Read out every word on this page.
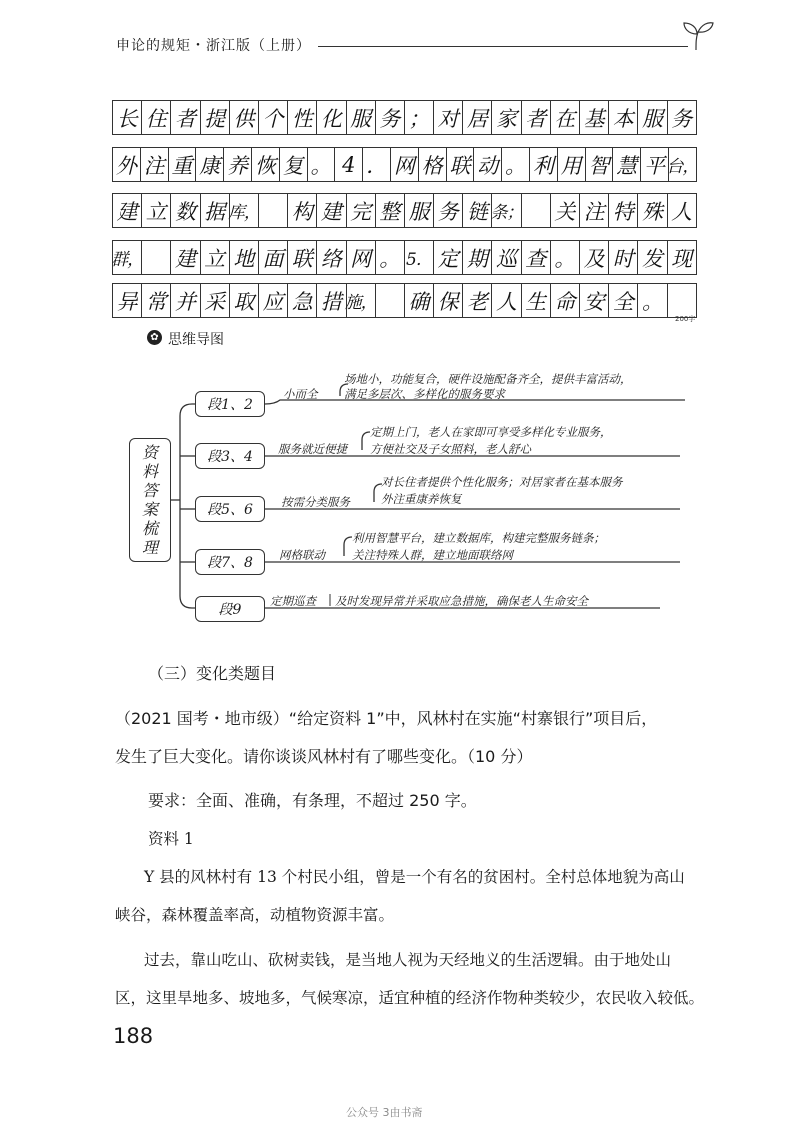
申论的规矩・浙江版（上册）
长 住 者 提 供 个 性 化 服 务 ； 对 居 家 者 在 基 本 服 务
外 注 重 康 养 恢 复 。 4 ． 网 格 联 动 。 利 用 智 慧 平 台，
建 立 数 据 库， 构 建 完 整 服 务 链 条； 关 注 特 殊 人
群， 建 立 地 面 联 络 网 。 5． 定 期 巡 查 。 及 时 发 现
异 常 并 采 取 应 急 措 施， 确 保 老 人 生 命 安 全 。
200字
✿ 思维导图
资料答案梳理
段1、2
段3、4
段5、6
段7、8
段9
小而全
场地小，功能复合，硬件设施配备齐全，提供丰富活动，
满足多层次、多样化的服务要求
服务就近便捷
定期上门，老人在家即可享受多样化专业服务，
方便社交及子女照料，老人舒心
按需分类服务
对长住者提供个性化服务；对居家者在基本服务
外注重康养恢复
网格联动
利用智慧平台，建立数据库，构建完整服务链条；
关注特殊人群，建立地面联络网
定期巡查 及时发现异常并采取应急措施，确保老人生命安全
（三）变化类题目
（2021 国考・地市级）“给定资料 1”中，风林村在实施“村寨银行”项目后，
发生了巨大变化。请你谈谈风林村有了哪些变化。（10 分）
要求：全面、准确，有条理，不超过 250 字。
资料 1
Y 县的风林村有 13 个村民小组，曾是一个有名的贫困村。全村总体地貌为高山
峡谷，森林覆盖率高，动植物资源丰富。
过去，靠山吃山、砍树卖钱，是当地人视为天经地义的生活逻辑。由于地处山
区，这里旱地多、坡地多，气候寒凉，适宜种植的经济作物种类较少，农民收入较低。
188
公众号 3由书斋
